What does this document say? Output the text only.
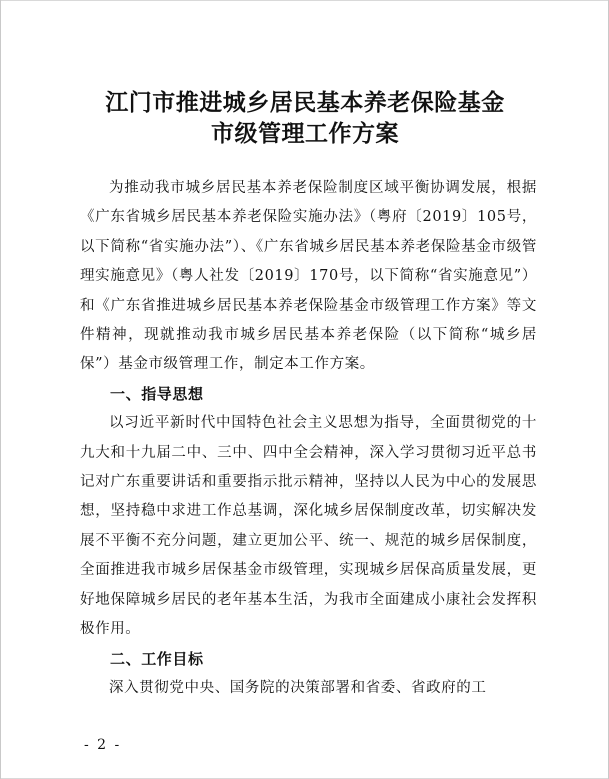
江门市推进城乡居民基本养老保险基金
市级管理工作方案

为推动我市城乡居民基本养老保险制度区域平衡协调发展，根据《广东省城乡居民基本养老保险实施办法》（粤府〔2019〕105号，以下简称“省实施办法”）、《广东省城乡居民基本养老保险基金市级管理实施意见》（粤人社发〔2019〕170号，以下简称“省实施意见”）和《广东省推进城乡居民基本养老保险基金市级管理工作方案》等文件精神，现就推动我市城乡居民基本养老保险（以下简称“城乡居保”）基金市级管理工作，制定本工作方案。

一、指导思想

以习近平新时代中国特色社会主义思想为指导，全面贯彻党的十九大和十九届二中、三中、四中全会精神，深入学习贯彻习近平总书记对广东重要讲话和重要指示批示精神，坚持以人民为中心的发展思想，坚持稳中求进工作总基调，深化城乡居保制度改革，切实解决发展不平衡不充分问题，建立更加公平、统一、规范的城乡居保制度，全面推进我市城乡居保基金市级管理，实现城乡居保高质量发展，更好地保障城乡居民的老年基本生活，为我市全面建成小康社会发挥积极作用。

二、工作目标

深入贯彻党中央、国务院的决策部署和省委、省政府的工

- 2 -
